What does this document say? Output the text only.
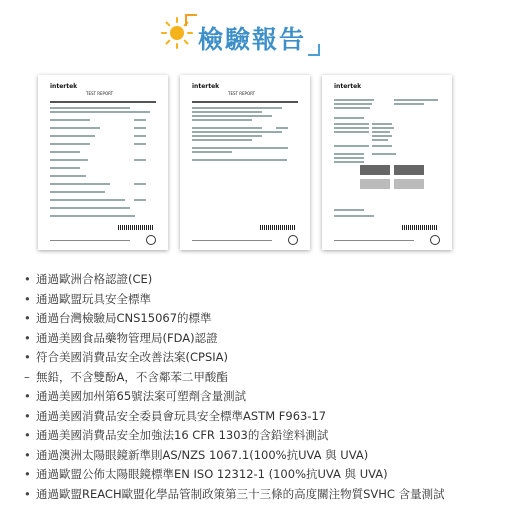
檢驗報告
intertek
TEST REPORT
intertek
TEST REPORT
intertek
• 通過歐洲合格認證(CE)
• 通過歐盟玩具安全標準
• 通過台灣檢驗局CNS15067的標準
• 通過美國食品藥物管理局(FDA)認證
• 符合美國消費品安全改善法案(CPSIA)
– 無鉛，不含雙酚A，不含鄰苯二甲酸酯
• 通過美國加州第65號法案可塑劑含量測試
• 通過美國消費品安全委員會玩具安全標準ASTM F963-17
• 通過美國消費品安全加強法16 CFR 1303的含鉛塗料測試
• 通過澳洲太陽眼鏡新準則AS/NZS 1067.1(100%抗UVA 與 UVA)
• 通過歐盟公佈太陽眼鏡標準EN ISO 12312-1 (100%抗UVA 與 UVA)
• 通過歐盟REACH歐盟化學品管制政策第三十三條的高度關注物質SVHC 含量測試
